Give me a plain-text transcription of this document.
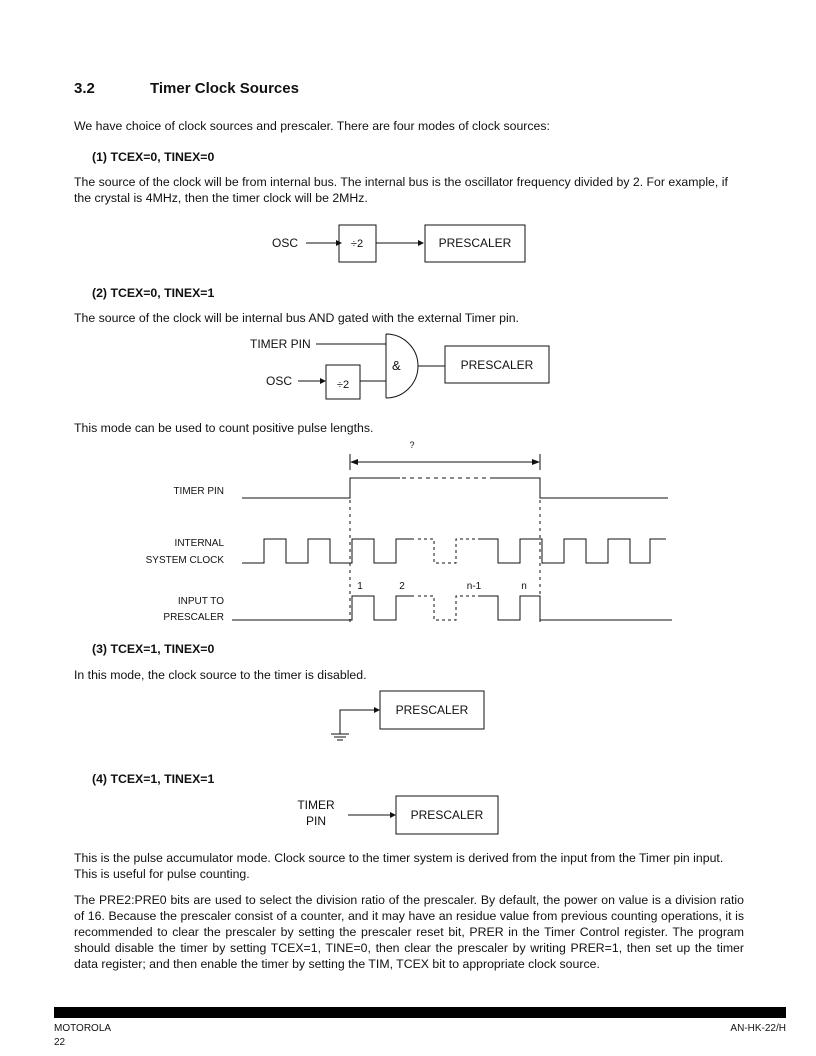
3.2	Timer Clock Sources
We have choice of clock sources and prescaler. There are four modes of clock sources:
(1) TCEX=0, TINEX=0
The source of the clock will be from internal bus. The internal bus is the oscillator frequency divided by 2. For example, if the crystal is 4MHz, then the timer clock will be 2MHz.
OSC	÷2	PRESCALER
(2) TCEX=0, TINEX=1
The source of the clock will be internal bus AND gated with the external Timer pin.
TIMER PIN
OSC	÷2
&	PRESCALER
This mode can be used to count positive pulse lengths.
?
TIMER PIN
INTERNAL
SYSTEM CLOCK
1	2	n-1	n
INPUT TO
PRESCALER
(3) TCEX=1, TINEX=0
In this mode, the clock source to the timer is disabled.
PRESCALER
(4) TCEX=1, TINEX=1
TIMER
PIN	PRESCALER
This is the pulse accumulator mode. Clock source to the timer system is derived from the input from the Timer pin input. This is useful for pulse counting.
The PRE2:PRE0 bits are used to select the division ratio of the prescaler. By default, the power on value is a division ratio of 16. Because the prescaler consist of a counter, and it may have an residue value from previous counting operations, it is recommended to clear the prescaler by setting the prescaler reset bit, PRER in the Timer Control register. The program should disable the timer by setting TCEX=1, TINE=0, then clear the prescaler by writing PRER=1, then set up the timer data register; and then enable the timer by setting the TIM, TCEX bit to appropriate clock source.
MOTOROLA
22
AN-HK-22/H
